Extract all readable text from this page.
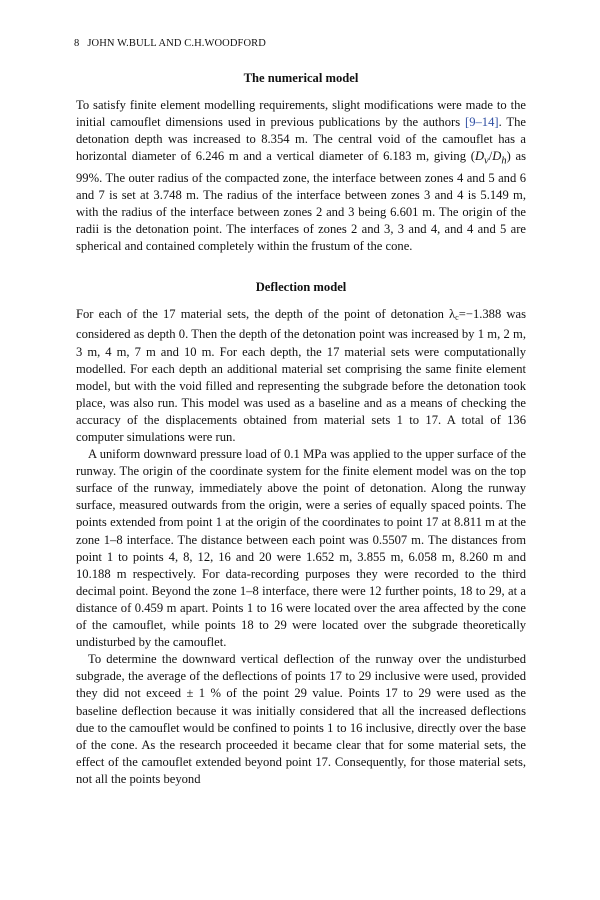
8 JOHN W.BULL AND C.H.WOODFORD
The numerical model

To satisfy finite element modelling requirements, slight modifications were made to the initial camouflet dimensions used in previous publications by the authors [9–14]. The detonation depth was increased to 8.354 m. The central void of the camouflet has a horizontal diameter of 6.246 m and a vertical diameter of 6.183 m, giving $(D_v/D_h)$ as 99%. The outer radius of the compacted zone, the interface between zones 4 and 5 and 6 and 7 is set at 3.748 m. The radius of the interface between zones 3 and 4 is 5.149 m, with the radius of the interface between zones 2 and 3 being 6.601 m. The origin of the radii is the detonation point. The interfaces of zones 2 and 3, 3 and 4, and 4 and 5 are spherical and contained completely within the frustum of the cone.

Deflection model

For each of the 17 material sets, the depth of the point of detonation λc=−1.388 was considered as depth 0. Then the depth of the detonation point was increased by 1 m, 2 m, 3 m, 4 m, 7 m and 10 m. For each depth, the 17 material sets were computationally modelled. For each depth an additional material set comprising the same finite element model, but with the void filled and representing the subgrade before the detonation took place, was also run. This model was used as a baseline and as a means of checking the accuracy of the displacements obtained from material sets 1 to 17. A total of 136 computer simulations were run.

A uniform downward pressure load of 0.1 MPa was applied to the upper surface of the runway. The origin of the coordinate system for the finite element model was on the top surface of the runway, immediately above the point of detonation. Along the runway surface, measured outwards from the origin, were a series of equally spaced points. The points extended from point 1 at the origin of the coordinates to point 17 at 8.811 m at the zone 1–8 interface. The distance between each point was 0.5507 m. The distances from point 1 to points 4, 8, 12, 16 and 20 were 1.652 m, 3.855 m, 6.058 m, 8.260 m and 10.188 m respectively. For data-recording purposes they were recorded to the third decimal point. Beyond the zone 1–8 interface, there were 12 further points, 18 to 29, at a distance of 0.459 m apart. Points 1 to 16 were located over the area affected by the cone of the camouflet, while points 18 to 29 were located over the subgrade theoretically undisturbed by the camouflet.

To determine the downward vertical deflection of the runway over the undisturbed subgrade, the average of the deflections of points 17 to 29 inclusive were used, provided they did not exceed ± 1 % of the point 29 value. Points 17 to 29 were used as the baseline deflection because it was initially considered that all the increased deflections due to the camouflet would be confined to points 1 to 16 inclusive, directly over the base of the cone. As the research proceeded it became clear that for some material sets, the effect of the camouflet extended beyond point 17. Consequently, for those material sets, not all the points beyond
